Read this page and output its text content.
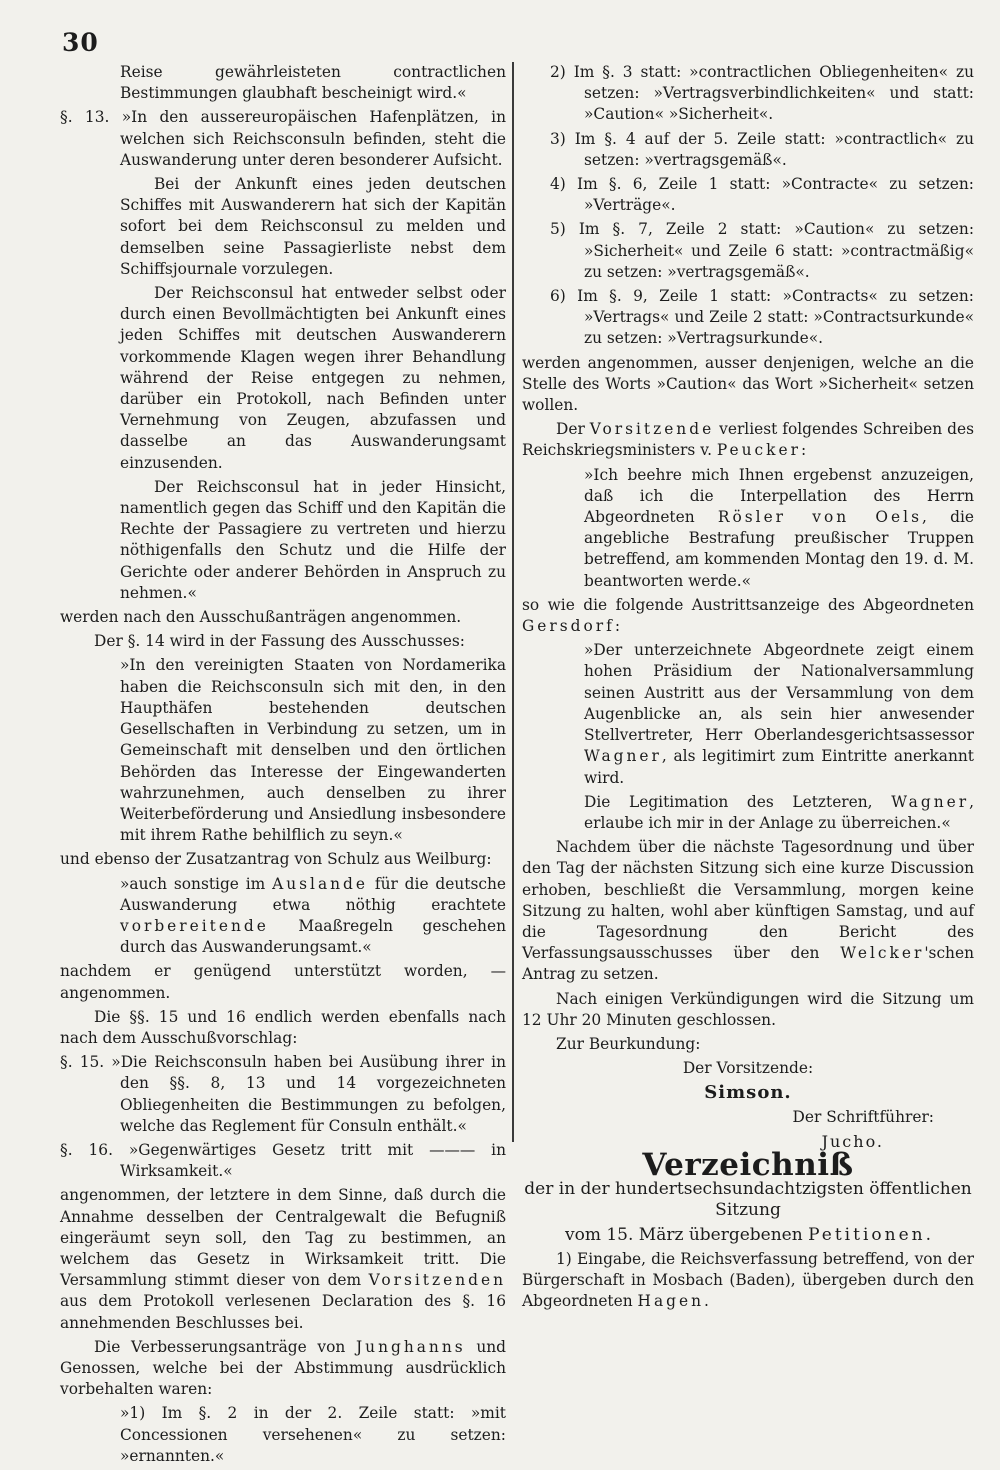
30

Reise gewährleisteten contractlichen Bestimmungen glaubhaft bescheinigt wird.«

§. 13. »In den aussereuropäischen Hafenplätzen, in welchen sich Reichsconsuln befinden, steht die Auswanderung unter deren besonderer Aufsicht.

Bei der Ankunft eines jeden deutschen Schiffes mit Auswanderern hat sich der Kapitän sofort bei dem Reichsconsul zu melden und demselben seine Passagierliste nebst dem Schiffsjournale vorzulegen.

Der Reichsconsul hat entweder selbst oder durch einen Bevollmächtigten bei Ankunft eines jeden Schiffes mit deutschen Auswanderern vorkommende Klagen wegen ihrer Behandlung während der Reise entgegen zu nehmen, darüber ein Protokoll, nach Befinden unter Vernehmung von Zeugen, abzufassen und dasselbe an das Auswanderungsamt einzusenden.

Der Reichsconsul hat in jeder Hinsicht, namentlich gegen das Schiff und den Kapitän die Rechte der Passagiere zu vertreten und hierzu nöthigenfalls den Schutz und die Hilfe der Gerichte oder anderer Behörden in Anspruch zu nehmen.«

werden nach den Ausschußanträgen angenommen.

Der §. 14 wird in der Fassung des Ausschusses:

»In den vereinigten Staaten von Nordamerika haben die Reichsconsuln sich mit den, in den Haupthäfen bestehenden deutschen Gesellschaften in Verbindung zu setzen, um in Gemeinschaft mit denselben und den örtlichen Behörden das Interesse der Eingewanderten wahrzunehmen, auch denselben zu ihrer Weiterbeförderung und Ansiedlung insbesondere mit ihrem Rathe behilflich zu seyn.«

und ebenso der Zusatzantrag von Schulz aus Weilburg:

»auch sonstige im Auslande für die deutsche Auswanderung etwa nöthig erachtete vorbereitende Maaßregeln geschehen durch das Auswanderungsamt.«

nachdem er genügend unterstützt worden, — angenommen.

Die §§. 15 und 16 endlich werden ebenfalls nach nach dem Ausschußvorschlag:

§. 15. »Die Reichsconsuln haben bei Ausübung ihrer in den §§. 8, 13 und 14 vorgezeichneten Obliegenheiten die Bestimmungen zu befolgen, welche das Reglement für Consuln enthält.«

§. 16. »Gegenwärtiges Gesetz tritt mit ——— in Wirksamkeit.«

angenommen, der letztere in dem Sinne, daß durch die Annahme desselben der Centralgewalt die Befugniß eingeräumt seyn soll, den Tag zu bestimmen, an welchem das Gesetz in Wirksamkeit tritt. Die Versammlung stimmt dieser von dem Vorsitzenden aus dem Protokoll verlesenen Declaration des §. 16 annehmenden Beschlusses bei.

Die Verbesserungsanträge von Junghanns und Genossen, welche bei der Abstimmung ausdrücklich vorbehalten waren:

»1) Im §. 2 in der 2. Zeile statt: »mit Concessionen versehenen« zu setzen: »ernannten.«

2) Im §. 3 statt: »contractlichen Obliegenheiten« zu setzen: »Vertragsverbindlichkeiten« und statt: »Caution« »Sicherheit«.

3) Im §. 4 auf der 5. Zeile statt: »contractlich« zu setzen: »vertragsgemäß«.

4) Im §. 6, Zeile 1 statt: »Contracte« zu setzen: »Verträge«.

5) Im §. 7, Zeile 2 statt: »Caution« zu setzen: »Sicherheit« und Zeile 6 statt: »contractmäßig« zu setzen: »vertragsgemäß«.

6) Im §. 9, Zeile 1 statt: »Contracts« zu setzen: »Vertrags« und Zeile 2 statt: »Contractsurkunde« zu setzen: »Vertragsurkunde«.

werden angenommen, ausser denjenigen, welche an die Stelle des Worts »Caution« das Wort »Sicherheit« setzen wollen.

Der Vorsitzende verliest folgendes Schreiben des Reichskriegsministers v. Peucker:

»Ich beehre mich Ihnen ergebenst anzuzeigen, daß ich die Interpellation des Herrn Abgeordneten Rösler von Oels, die angebliche Bestrafung preußischer Truppen betreffend, am kommenden Montag den 19. d. M. beantworten werde.«

so wie die folgende Austrittsanzeige des Abgeordneten Gersdorf:

»Der unterzeichnete Abgeordnete zeigt einem hohen Präsidium der Nationalversammlung seinen Austritt aus der Versammlung von dem Augenblicke an, als sein hier anwesender Stellvertreter, Herr Oberlandesgerichtsassessor Wagner, als legitimirt zum Eintritte anerkannt wird.

Die Legitimation des Letzteren, Wagner, erlaube ich mir in der Anlage zu überreichen.«

Nachdem über die nächste Tagesordnung und über den Tag der nächsten Sitzung sich eine kurze Discussion erhoben, beschließt die Versammlung, morgen keine Sitzung zu halten, wohl aber künftigen Samstag, und auf die Tagesordnung den Bericht des Verfassungsausschusses über den Welcker'schen Antrag zu setzen.

Nach einigen Verkündigungen wird die Sitzung um 12 Uhr 20 Minuten geschlossen.

Zur Beurkundung:

Der Vorsitzende:

Simson.

Der Schriftführer:

Jucho.

Verzeichniß

der in der hundertsechsundachtzigsten öffentlichen Sitzung

vom 15. März übergebenen Petitionen.

1) Eingabe, die Reichsverfassung betreffend, von der Bürgerschaft in Mosbach (Baden), übergeben durch den Abgeordneten Hagen.
